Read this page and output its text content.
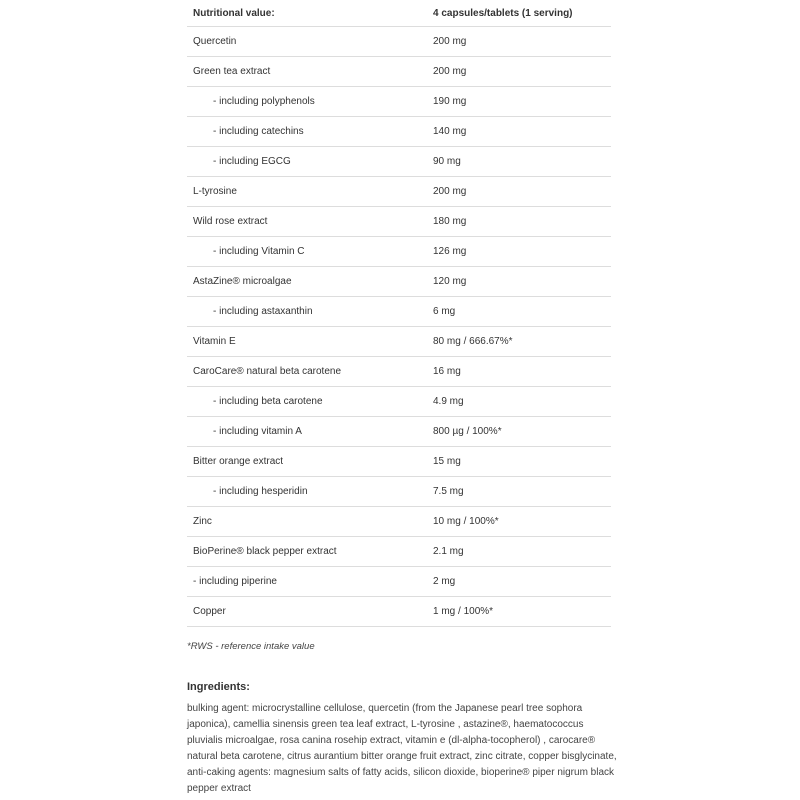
Nutritional value:	4 capsules/tablets (1 serving)
Quercetin	200 mg
Green tea extract	200 mg
- including polyphenols	190 mg
- including catechins	140 mg
- including EGCG	90 mg
L-tyrosine	200 mg
Wild rose extract	180 mg
- including Vitamin C	126 mg
AstaZine® microalgae	120 mg
- including astaxanthin	6 mg
Vitamin E	80 mg / 666.67%*
CaroCare® natural beta carotene	16 mg
- including beta carotene	4.9 mg
- including vitamin A	800 µg / 100%*
Bitter orange extract	15 mg
- including hesperidin	7.5 mg
Zinc	10 mg / 100%*
BioPerine® black pepper extract	2.1 mg
- including piperine	2 mg
Copper	1 mg / 100%*
*RWS - reference intake value
Ingredients:
bulking agent: microcrystalline cellulose, quercetin (from the Japanese pearl tree sophora japonica), camellia sinensis green tea leaf extract, L-tyrosine , astazine®, haematococcus pluvialis microalgae, rosa canina rosehip extract, vitamin e (dl-alpha-tocopherol) , carocare® natural beta carotene, citrus aurantium bitter orange fruit extract, zinc citrate, copper bisglycinate, anti-caking agents: magnesium salts of fatty acids, silicon dioxide, bioperine® piper nigrum black pepper extract
